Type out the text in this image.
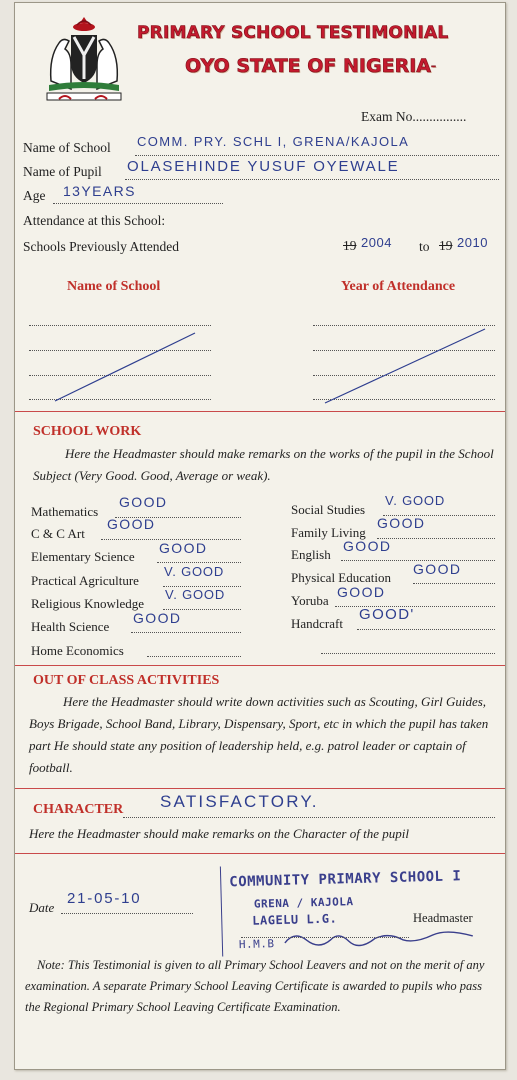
PRIMARY SCHOOL TESTIMONIAL
OYO STATE OF NIGERIA–
Exam No................
Name of School COMM. PRY. SCHL I, GRENA/KAJOLA
Name of Pupil OLASEHINDE YUSUF OYEWALE
Age 13YEARS
Attendance at this School:
Schools Previously Attended	19 2004 to 19 2010
Name of School	Year of Attendance
SCHOOL WORK
Here the Headmaster should make remarks on the works of the pupil in the School Subject (Very Good. Good, Average or weak).
Mathematics
GOOD
C & C Art
GOOD
Elementary Science
GOOD
Practical Agriculture
V. GOOD
Religious Knowledge
V. GOOD
Health Science
GOOD
Home Economics
Social Studies
V. GOOD
Family Living
GOOD
English
GOOD
Physical Education
GOOD
Yoruba
GOOD
Handcraft
GOOD'
OUT OF CLASS ACTIVITIES
Here the Headmaster should write down activities such as Scouting, Girl Guides, Boys Brigade, School Band, Library, Dispensary, Sport, etc in which the pupil has taken part He should state any position of leadership held, e.g. patrol leader or captain of football.
CHARACTER SATISFACTORY.
Here the Headmaster should make remarks on the Character of the pupil
Date
21-05-10
COMMUNITY PRIMARY SCHOOL I
GRENA / KAJOLA
LAGELU L.G.
H.M.B
Headmaster
Note: This Testimonial is given to all Primary School Leavers and not on the merit of any examination. A separate Primary School Leaving Certificate is awarded to pupils who pass the Regional Primary School Leaving Certificate Examination.
